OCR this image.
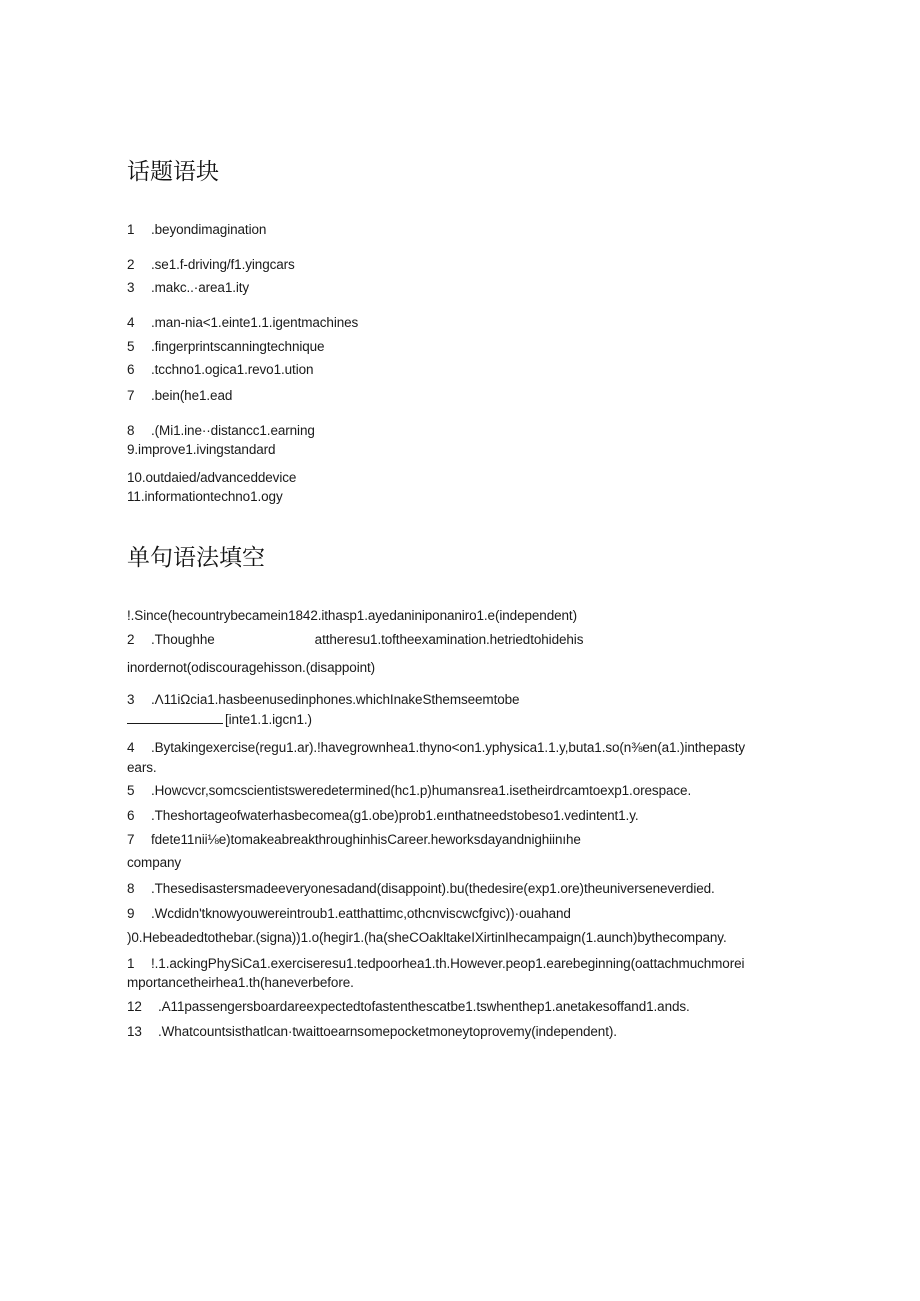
话题语块
1 .beyondimagination
2 .se1.f-driving/f1.yingcars
3 .makc..·area1.ity
4 .man-nia<1.einte1.1.igentmachines
5 .fingerprintscanningtechnique
6 .tcchno1.ogica1.revo1.ution
7 .bein(he1.ead
8 .(Mi1.ine··distancc1.earning
9.improve1.ivingstandard
10.outdaied/advanceddevice
11.informationtechno1.ogy
单句语法填空
!.Since(hecountrybecamein1842.ithasp1.ayedaniniponaniro1.e(independent)
2 .Thoughhe	attheresu1.toftheexamination.hetriedtohidehis
inordernot(odiscouragehisson.(disappoint)
3 .Λ11iΩcia1.hasbeenusedinphones.whichInakeSthemseemtobe
[inte1.1.igcn1.)
4 .Bytakingexercise(regu1.ar).!havegrownhea1.thyno<on1.yphysica1.1.y,buta1.so(n⅜en(a1.)inthepasty
ears.
5 .Howcvcr,somcscientistsweredetermined(hc1.p)humansrea1.isetheirdrcamtoexp1.orespace.
6 .Theshortageofwaterhasbecomea(g1.obe)prob1.eınthatneedstobeso1.vedintent1.y.
7 fdete11nii⅛e)tomakeabreakthroughinhisCareer.heworksdayandnighiinıhe
company
8 .Thesedisastersmadeeveryonesadand(disappoint).bu(thedesire(exp1.ore)theuniverseneverdied.
9 .Wcdidn'tknowyouwereintroub1.eatthattimc,othcnviscwcfgivc))·ouahand
)0.Hebeadedtothebar.(signa))1.o(hegir1.(ha(sheCOakltakeIXirtinIhecampaign(1.aunch)bythecompany.
1 !.1.ackingPhySiCa1.exerciseresu1.tedpoorhea1.th.However.peop1.earebeginning(oattachmuchmorei
mportancetheirhea1.th(haneverbefore.
12 .A11passengersboardareexpectedtofastenthescatbe1.tswhenthep1.anetakesoffand1.ands.
13 .Whatcountsisthatlcan·twaittoearnsomepocketmoneytoprovemy(independent).
